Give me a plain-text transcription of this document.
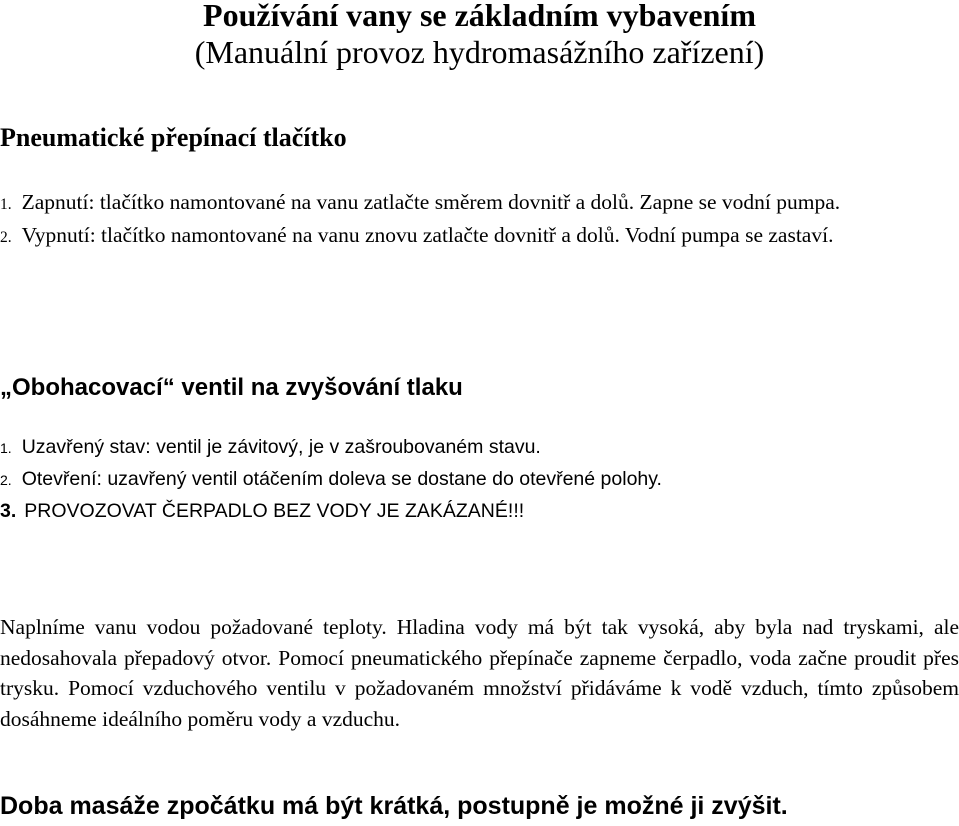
Používání vany se základním vybavením
(Manuální provoz hydromasážního zařízení)
Pneumatické přepínací tlačítko
1. Zapnutí: tlačítko namontované na vanu zatlačte směrem dovnitř a dolů. Zapne se vodní pumpa.
2. Vypnutí: tlačítko namontované na vanu znovu zatlačte dovnitř a dolů. Vodní pumpa se zastaví.
„Obohacovací“ ventil na zvyšování tlaku
1. Uzavřený stav: ventil je závitový, je v zašroubovaném stavu.
2. Otevření: uzavřený ventil otáčením doleva se dostane do otevřené polohy.
3. PROVOZOVAT ČERPADLO BEZ VODY JE ZAKÁZANÉ!!!

Naplníme vanu vodou požadované teploty. Hladina vody má být tak vysoká, aby byla nad tryskami, ale nedosahovala přepadový otvor. Pomocí pneumatického přepínače zapneme čerpadlo, voda začne proudit přes trysku. Pomocí vzduchového ventilu v požadovaném množství přidáváme k vodě vzduch, tímto způsobem dosáhneme ideálního poměru vody a vzduchu.

Doba masáže zpočátku má být krátká, postupně je možné ji zvýšit.
